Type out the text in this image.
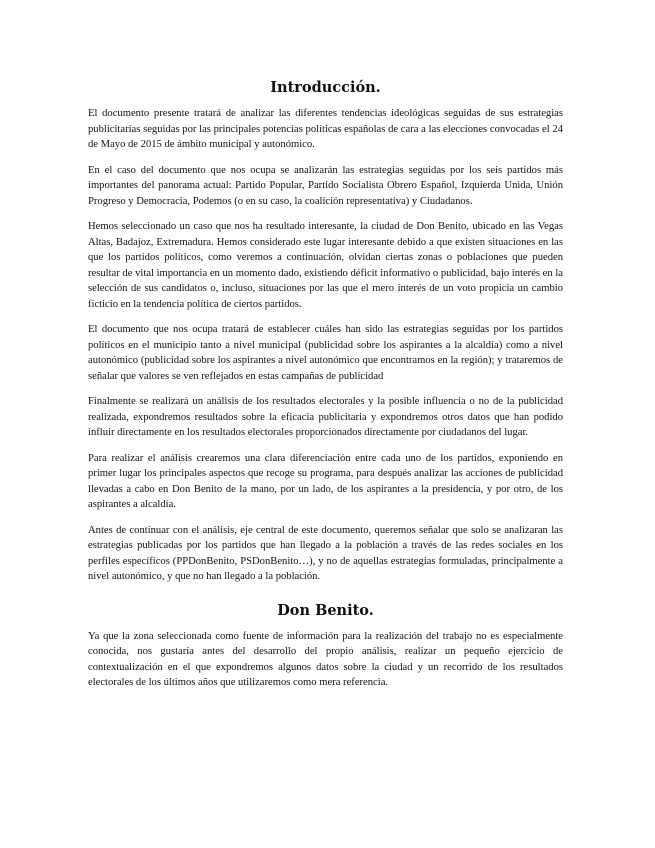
Introducción.

El documento presente tratará de analizar las diferentes tendencias ideológicas seguidas de sus estrategias publicitarias seguidas por las principales potencias políticas españolas de cara a las elecciones convocadas el 24 de Mayo de 2015 de ámbito municipal y autonómico.

En el caso del documento que nos ocupa se analizarán las estrategias seguidas por los seis partidos más importantes del panorama actual: Partido Popular, Partido Socialista Obrero Español, Izquierda Unida, Unión Progreso y Democracia, Podemos (o en su caso, la coalición representativa) y Ciudadanos.

Hemos seleccionado un caso que nos ha resultado interesante, la ciudad de Don Benito, ubicado en las Vegas Altas, Badajoz, Extremadura. Hemos considerado este lugar interesante debido a que existen situaciones en las que los partidos políticos, como veremos a continuación, olvidan ciertas zonas o poblaciones que pueden resultar de vital importancia en un momento dado, existiendo déficit informativo o publicidad, bajo interés en la selección de sus candidatos o, incluso, situaciones por las que el mero interés de un voto propicia un cambio ficticio en la tendencia política de ciertos partidos.

El documento que nos ocupa tratará de establecer cuáles han sido las estrategias seguidas por los partidos políticos en el municipio tanto a nivel municipal (publicidad sobre los aspirantes a la alcaldía) como a nivel autonómico (publicidad sobre los aspirantes a nivel autonómico que encontramos en la región); y trataremos de señalar que valores se ven reflejados en estas campañas de publicidad

Finalmente se realizará un análisis de los resultados electorales y la posible influencia o no de la publicidad realizada, expondremos resultados sobre la eficacia publicitaria y expondremos otros datos que han podido influir directamente en los resultados electorales proporcionados directamente por ciudadanos del lugar.

Para realizar el análisis crearemos una clara diferenciación entre cada uno de los partidos, exponiendo en primer lugar los principales aspectos que recoge su programa, para después analizar las acciones de publicidad llevadas a cabo en Don Benito de la mano, por un lado, de los aspirantes a la presidencia, y por otro, de los aspirantes a alcaldía.

Antes de continuar con el análisis, eje central de este documento, queremos señalar que solo se analizaran las estrategias publicadas por los partidos que han llegado a la población a través de las redes sociales en los perfiles específicos (PPDonBenito, PSDonBenito…), y no de aquellas estrategias formuladas, principalmente a nivel autonómico, y que no han llegado a la población.

Don Benito.

Ya que la zona seleccionada como fuente de información para la realización del trabajo no es especialmente conocida, nos gustaría antes del desarrollo del propio análisis, realizar un pequeño ejercicio de contextualización en el que expondremos algunos datos sobre la ciudad y un recorrido de los resultados electorales de los últimos años que utilizaremos como mera referencia.
